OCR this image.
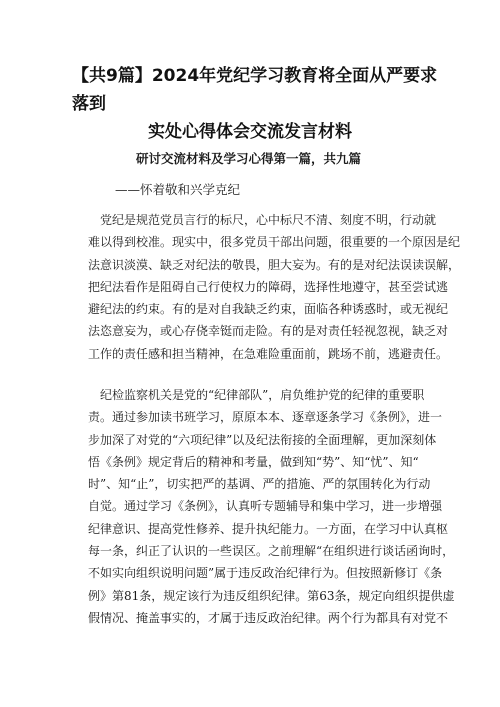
【共9篇】2024年党纪学习教育将全面从严要求落到
实处心得体会交流发言材料
研讨交流材料及学习心得第一篇，共九篇

——怀着敬和兴学克纪

党纪是规范党员言行的标尺，心中标尺不清、刻度不明，行动就
难以得到校准。现实中，很多党员干部出问题，很重要的一个原因是纪
法意识淡漠、缺乏对纪法的敬畏，胆大妄为。有的是对纪法误读误解，
把纪法看作是阻碍自己行使权力的障碍，选择性地遵守，甚至尝试逃
避纪法的约束。有的是对自我缺乏约束，面临各种诱惑时，或无视纪
法恣意妄为，或心存侥幸铤而走险。有的是对责任轻视忽视，缺乏对
工作的责任感和担当精神，在急难险重面前，跳场不前，逃避责任。
纪检监察机关是党的“纪律部队”，肩负维护党的纪律的重要职
责。通过参加读书班学习，原原本本、逐章逐条学习《条例》，进一
步加深了对党的“六项纪律”以及纪法衔接的全面理解，更加深刻体
悟《条例》规定背后的精神和考量，做到知“势”、知“忧”、知“
时”、知“止”，切实把严的基调、严的措施、严的氛围转化为行动
自觉。通过学习《条例》，认真听专题辅导和集中学习，进一步增强
纪律意识、提高党性修养、提升执纪能力。一方面，在学习中认真枢
每一条，纠正了认识的一些误区。之前理解“在组织进行谈话函询时，
不如实向组织说明问题”属于违反政治纪律行为。但按照新修订《条
例》第81条，规定该行为违反组织纪律。第63条，规定向组织提供虚
假情况、掩盖事实的，才属于违反政治纪律。两个行为都具有对党不
